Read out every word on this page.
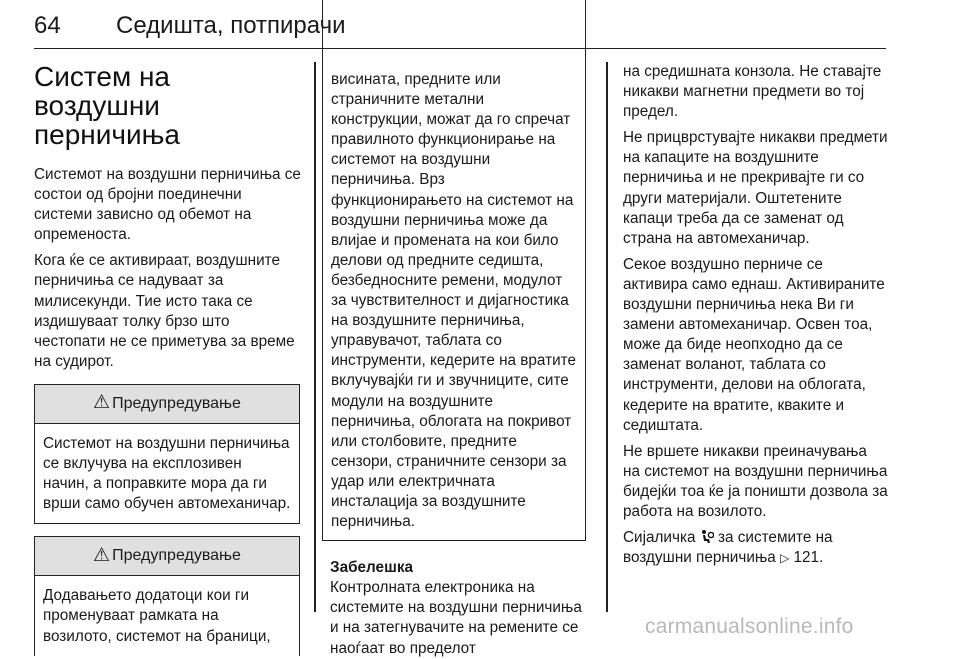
64 Седишта, потпирачи
Систем на воздушни перничиња

Системот на воздушни перничиња се состои од бројни поединечни системи зависно од обемот на опременоста.

Кога ќе се активираат, воздушните перничиња се надуваат за милисекунди. Тие исто така се издишуваат толку брзо што честопати не се приметува за време на судирот.

⚠ Предупредување

Системот на воздушни перничиња се вклучува на експлозивен начин, а поправките мора да ги врши само обучен автомеханичар.

⚠ Предупредување

Додавањето додатоци кои ги променуваат рамката на возилото, системот на браници,

висината, предните или страничните метални конструкции, можат да го спречат правилното функционирање на системот на воздушни перничиња. Врз функционирањето на системот на воздушни перничиња може да влијае и промената на кои било делови од предните седишта, безбедносните ремени, модулот за чувствителност и дијагностика на воздушните перничиња, управувачот, таблата со инструменти, кедерите на вратите вклучувајќи ги и звучниците, сите модули на воздушните перничиња, облогата на покривот или столбовите, предните сензори, страничните сензори за удар или електричната инсталација за воздушните перничиња.

Забелешка

Контролната електроника на системите на воздушни перничиња и на затегнувачите на ремените се наоѓаат во пределот

на средишната конзола. Не ставајте никакви магнетни предмети во тој предел.

Не прицврстувајте никакви предмети на капаците на воздушните перничиња и не прекривајте ги со други материјали. Оштетените капаци треба да се заменат од страна на автомеханичар.

Секое воздушно перниче се активира само еднаш. Активираните воздушни перничиња нека Ви ги замени автомеханичар. Освен тоа, може да биде неопходно да се заменат воланот, таблата со инструменти, делови на облогата, кедерите на вратите, кваките и седиштата.

Не вршете никакви преиначувања на системот на воздушни перничиња бидејќи тоа ќе ја поништи дозвола за работа на возилото.

Сијаличка за системите на воздушни перничиња ▷ 121.

carmanualsonline.info
